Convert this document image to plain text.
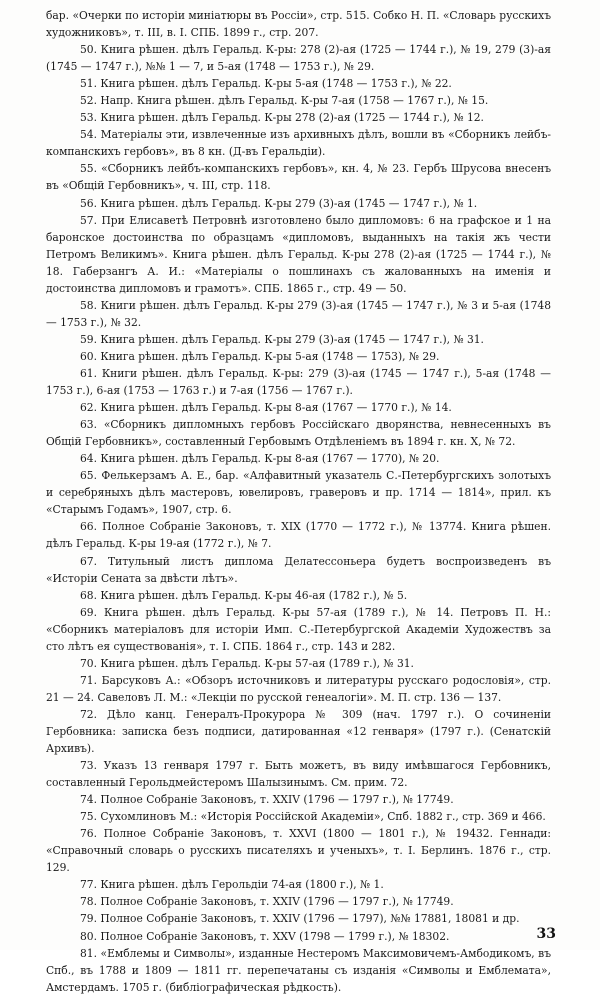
бар. «Очерки по исторіи миніатюры въ Россіи», стр. 515. Собко Н. П. «Словарь русскихъ художниковъ», т. III, в. I. СПБ. 1899 г., стр. 207.

50. Книга рѣшен. дѣлъ Геральд. К-ры: 278 (2)-ая (1725 — 1744 г.), № 19, 279 (3)-ая (1745 — 1747 г.), №№ 1 — 7, и 5-ая (1748 — 1753 г.), № 29.

51. Книга рѣшен. дѣлъ Геральд. К-ры 5-ая (1748 — 1753 г.), № 22.

52. Напр. Книга рѣшен. дѣлъ Геральд. К-ры 7-ая (1758 — 1767 г.), № 15.

53. Книга рѣшен. дѣлъ Геральд. К-ры 278 (2)-ая (1725 — 1744 г.), № 12.

54. Матеріалы эти, извлеченные изъ архивныхъ дѣлъ, вошли въ «Сборникъ лейбъ-компанскихъ гербовъ», въ 8 кн. (Д-въ Геральдіи).

55. «Сборникъ лейбъ-компанскихъ гербовъ», кн. 4, № 23. Гербъ Шрусова внесенъ въ «Общій Гербовникъ», ч. III, стр. 118.

56. Книга рѣшен. дѣлъ Геральд. К-ры 279 (3)-ая (1745 — 1747 г.), № 1.

57. При Елисаветѣ Петровнѣ изготовлено было дипломовъ: 6 на графское и 1 на баронское достоинства по образцамъ «дипломовъ, выданныхъ на такія жъ чести Петромъ Великимъ». Книга рѣшен. дѣлъ Геральд. К-ры 278 (2)-ая (1725 — 1744 г.), № 18. Габерзангъ А. И.: «Матеріалы о пошлинахъ съ жалованныхъ на именія и достоинства дипломовъ и грамотъ». СПБ. 1865 г., стр. 49 — 50.

58. Книги рѣшен. дѣлъ Геральд. К-ры 279 (3)-ая (1745 — 1747 г.), № 3 и 5-ая (1748 — 1753 г.), № 32.

59. Книга рѣшен. дѣлъ Геральд. К-ры 279 (3)-ая (1745 — 1747 г.), № 31.

60. Книга рѣшен. дѣлъ Геральд. К-ры 5-ая (1748 — 1753), № 29.

61. Книги рѣшен. дѣлъ Геральд. К-ры: 279 (3)-ая (1745 — 1747 г.), 5-ая (1748 — 1753 г.), 6-ая (1753 — 1763 г.) и 7-ая (1756 — 1767 г.).

62. Книга рѣшен. дѣлъ Геральд. К-ры 8-ая (1767 — 1770 г.), № 14.

63. «Сборникъ дипломныхъ гербовъ Россійскаго дворянства, невнесенныхъ въ Общій Гербовникъ», составленный Гербовымъ Отдѣленіемъ въ 1894 г. кн. X, № 72.

64. Книга рѣшен. дѣлъ Геральд. К-ры 8-ая (1767 — 1770), № 20.

65. Фелькерзамъ А. Е., бар. «Алфавитный указатель С.-Петербургскихъ золотыхъ и серебряныхъ дѣлъ мастеровъ, ювелировъ, граверовъ и пр. 1714 — 1814», прил. къ «Старымъ Годамъ», 1907, стр. 6.

66. Полное Собраніе Законовъ, т. XIX (1770 — 1772 г.), № 13774. Книга рѣшен. дѣлъ Геральд. К-ры 19-ая (1772 г.), № 7.

67. Титульный листъ диплома Делатессоньера будетъ воспроизведенъ въ «Исторіи Сената за двѣсти лѣтъ».

68. Книга рѣшен. дѣлъ Геральд. К-ры 46-ая (1782 г.), № 5.

69. Книга рѣшен. дѣлъ Геральд. К-ры 57-ая (1789 г.), № 14. Петровъ П. Н.: «Сборникъ матеріаловъ для исторіи Имп. С.-Петербургской Академіи Художествъ за сто лѣтъ ея существованія», т. I. СПБ. 1864 г., стр. 143 и 282.

70. Книга рѣшен. дѣлъ Геральд. К-ры 57-ая (1789 г.), № 31.

71. Барсуковъ А.: «Обзоръ источниковъ и литературы русскаго родословія», стр. 21 — 24. Савеловъ Л. М.: «Лекціи по русской генеалогіи». М. П. стр. 136 — 137.

72. Дѣло канц. Генералъ-Прокурора № 309 (нач. 1797 г.). О сочиненіи Гербовника: записка безъ подписи, датированная «12 генваря» (1797 г.). (Сенатскій Архивъ).

73. Указъ 13 генваря 1797 г. Быть можетъ, въ виду имѣвшагося Гербовникъ, составленный Герольдмейстеромъ Шалызинымъ. См. прим. 72.

74. Полное Собраніе Законовъ, т. XXIV (1796 — 1797 г.), № 17749.

75. Сухомлиновъ М.: «Исторія Россійской Академіи», Спб. 1882 г., стр. 369 и 466.

76. Полное Собраніе Законовъ, т. XXVI (1800 — 1801 г.), № 19432. Геннади: «Справочный словарь о русскихъ писателяхъ и ученыхъ», т. I. Берлинъ. 1876 г., стр. 129.

77. Книга рѣшен. дѣлъ Герольдіи 74-ая (1800 г.), № 1.

78. Полное Собраніе Законовъ, т. XXIV (1796 — 1797 г.), № 17749.

79. Полное Собраніе Законовъ, т. XXIV (1796 — 1797), №№ 17881, 18081 и др.

80. Полное Собраніе Законовъ, т. XXV (1798 — 1799 г.), № 18302.

81. «Емблемы и Символы», изданные Нестеромъ Максимовичемъ-Амбодикомъ, въ Спб., въ 1788 и 1809 — 1811 гг. перепечатаны съ изданія «Символы и Емблемата», Амстердамъ. 1705 г. (библіографическая рѣдкость).

33
